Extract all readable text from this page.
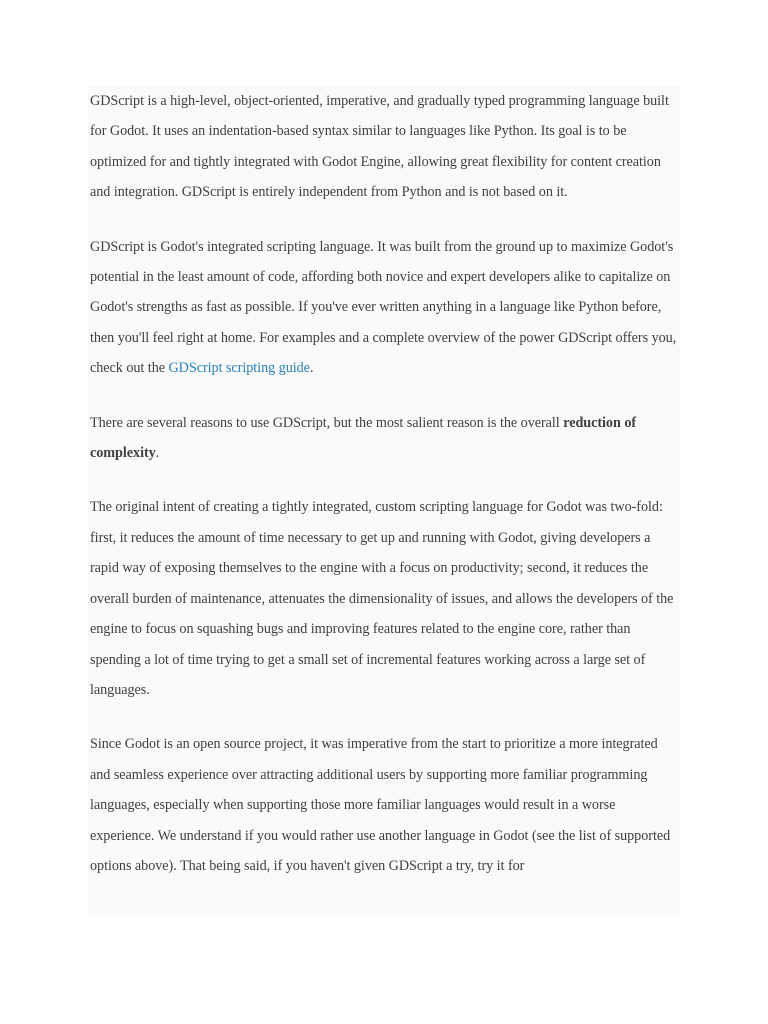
GDScript is a high-level, object-oriented, imperative, and gradually typed programming language built for Godot. It uses an indentation-based syntax similar to languages like Python. Its goal is to be optimized for and tightly integrated with Godot Engine, allowing great flexibility for content creation and integration. GDScript is entirely independent from Python and is not based on it.

GDScript is Godot's integrated scripting language. It was built from the ground up to maximize Godot's potential in the least amount of code, affording both novice and expert developers alike to capitalize on Godot's strengths as fast as possible. If you've ever written anything in a language like Python before, then you'll feel right at home. For examples and a complete overview of the power GDScript offers you, check out the GDScript scripting guide.

There are several reasons to use GDScript, but the most salient reason is the overall reduction of complexity.

The original intent of creating a tightly integrated, custom scripting language for Godot was two-fold: first, it reduces the amount of time necessary to get up and running with Godot, giving developers a rapid way of exposing themselves to the engine with a focus on productivity; second, it reduces the overall burden of maintenance, attenuates the dimensionality of issues, and allows the developers of the engine to focus on squashing bugs and improving features related to the engine core, rather than spending a lot of time trying to get a small set of incremental features working across a large set of languages.

Since Godot is an open source project, it was imperative from the start to prioritize a more integrated and seamless experience over attracting additional users by supporting more familiar programming languages, especially when supporting those more familiar languages would result in a worse experience. We understand if you would rather use another language in Godot (see the list of supported options above). That being said, if you haven't given GDScript a try, try it for
